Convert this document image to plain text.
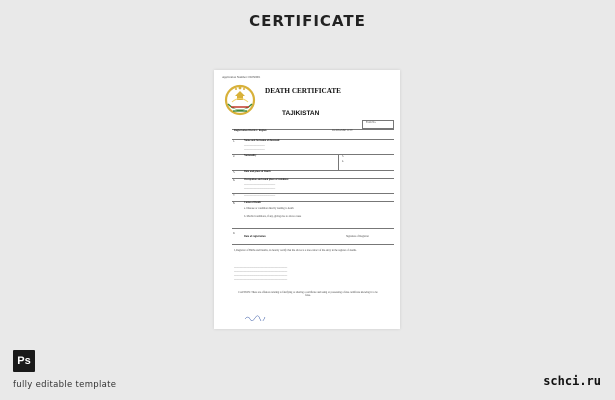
CERTIFICATE
Application Number: 00250001
DEATH CERTIFICATE
TAJIKISTAN
Form No.
Registration District / Region	DUSHANBE CITY
1.	Name and Surname of deceased
________________
________________
2.	Nationality	3.
4.
5.	Date and place of Death
6.	Occupation and usual place of residence
________________________
________________________
7.	________________________
8.	Cause of Death
a. Disease or condition directly leading to death
b. Morbid conditions, if any, giving rise to above cause
9.
Date of registration	Signature of Registrar
I, Registrar of Births and Deaths, do hereby certify that the above is a true extract of the entry in the register of deaths.
_________________________________________
_________________________________________
_________________________________________
_________________________________________
CAUTION: There are offences relating to falsifying or altering a certificate and using or possessing a false certificate knowing it to be false.
Ps
fully editable template	schci.ru
